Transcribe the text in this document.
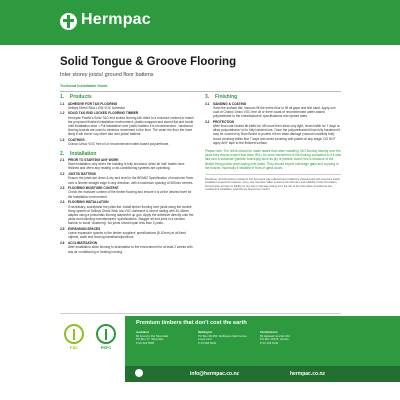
Hermpac
Solid Tongue & Groove Flooring
Inter storey joists/ ground floor battens
Technical Installation Guide
1. Products
1.1 ADHESIVE FOR T&G FLOORING
Selleys Direct Stick LOW VOC Adhesive
1.2 SOLID T&G END LOCKED FLOORING TIMBER
Hermpac Pacific's Solid T&G end locked flooring kiln dried to a moisture content to match the proposed finished installation environment; plastic wrapped and stored flat and inside until installation start. • Put installation over joists/ battens it is recommended - hardwood flooring boards are used to minimize movement in the floor. The wider the floor the more likely it will move/ cup when laid over joists/ battens.
1.3 COATINGS
Cranco Unico VOC free oil or recommended water-based polyurethane.
2. Installation
2.1 PRIOR TO STARTING ANY WORK
Start installation only when the building is fully enclosed, when all 'wet' trades have finished and when any heating or air-conditioning systems are operating.
2.2 JOISTS/ BATTENS
Ensure the joists are clean & dry and level to the BRANZ Specification of maximum 5mm over a 3meter straight edge in any direction, with a maximum spacing of 450mm centres.
2.3 FLOORING MOISTURE CONTENT
Check the moisture content of the timber flooring and ensure it is at the desired level for the installation environment.
2.4 FLOORING INSTALLATION
If necessary, scarf/plane the joists flat. Install timber flooring over joists using the double fixing system of Selleys Direct Stick low VOC Adhesive & secret nailing with 40-45mm staples using a pneumatic flooring stapler/hit up gun. Apply the adhesive directly onto the joists and following manufacturers' specifications. Stagger all end joins in a random fashion to avoid 'clustering'. No joints should span less than 2 joists.
2.5 EXPANSION SPACES
Leave expansion spaces to the timber suppliers' specifications (8-10mm) at all fixed objects, walls and flooring transitions/junctions.
2.6 ACCLIMATISATION
After installation allow flooring to acclimatise to the environment for at least 2 weeks with any air conditioning or heating running.
3. Finishing
3.1 SANDING & COATING
Sand the surface flat. Vacuum fill the entire floor to fill all gaps and fine sand. Apply one coat of Cranco Unico VOC free oil or three coats of recommended water-based polyurethane to the manufacturers' specifications and spread rates.
3.2 PROTECTION
After final coat restrict all traffic for 48 hours then allow only light, clean traffic for 7 days to allow polyurethane/ oil to fully harden/cure. Once the polyurethane/oil has fully hardened it may be covered by Ram Board to protect it from trade damage (vacuum carefully first). Avoid covering within first 7 days and avoid covering with plastic at any stage. DO NOT apply ANY tape to the finished surface.
Please note: The client should be made aware that when installing T&G flooring directly over the joists they should expect that there WILL be more movement of the flooring compared to if it was laid over a substrate (particle board/ply) such as ply or particle board; this is because of the limited fixing points when laying over joists. They should expect shrinkage gaps and cupping of the boards, especially if installed in front of glass doors.
Disclaimer: All information provided in this document was collected and verified by professionals with extensive timber installation experience however, every care has been taken to assure the accuracy and reliability of the information, but Hermpac accepts no liability for any loss or damage arising from the use of the information provided as site conditions & installation methods are beyond our control.
FSC	PEFC
Premium timbers that don't cost the earth
Auckland
80 Foundry Rd, Silverdale
PO Box 37, Silverdale
P 09 426 5595
Wellington
PO Box 38-365, Wellington Mail Centre
Lower Hutt
P 04 568 5040
Christchurch
83 Halswell Junction Rd
PO Box 16478, Hornby
P 03 349 5440
info@hermpac.co.nz	hermpac.co.nz
